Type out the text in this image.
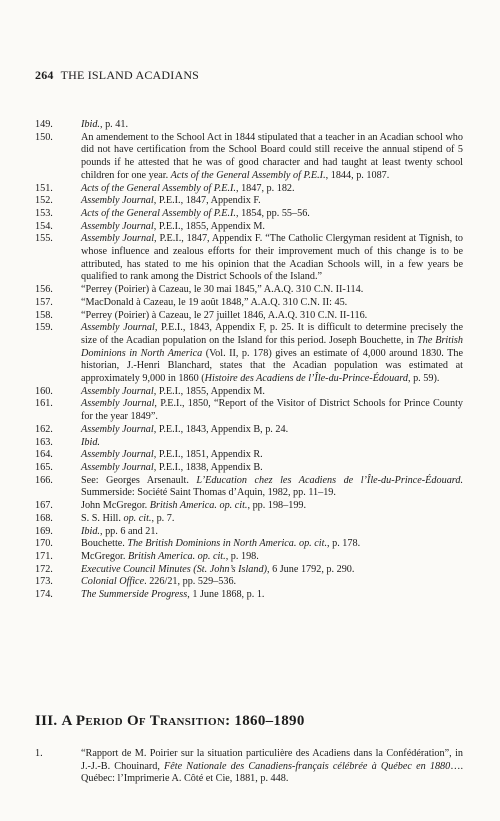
264 THE ISLAND ACADIANS
149.	Ibid., p. 41.
150.	An amendement to the School Act in 1844 stipulated that a teacher in an Acadian school who did not have certification from the School Board could still receive the annual stipend of 5 pounds if he attested that he was of good character and had taught at least twenty school children for one year. Acts of the General Assembly of P.E.I., 1844, p. 1087.
151.	Acts of the General Assembly of P.E.I., 1847, p. 182.
152.	Assembly Journal, P.E.I., 1847, Appendix F.
153.	Acts of the General Assembly of P.E.I., 1854, pp. 55–56.
154.	Assembly Journal, P.E.I., 1855, Appendix M.
155.	Assembly Journal, P.E.I., 1847, Appendix F. “The Catholic Clergyman resident at Tignish, to whose influence and zealous efforts for their improvement much of this change is to be attributed, has stated to me his opinion that the Acadian Schools will, in a few years be qualified to rank among the District Schools of the Island.”
156.	“Perrey (Poirier) à Cazeau, le 30 mai 1845,” A.A.Q. 310 C.N. II-114.
157.	“MacDonald à Cazeau, le 19 août 1848,” A.A.Q. 310 C.N. II: 45.
158.	“Perrey (Poirier) à Cazeau, le 27 juillet 1846, A.A.Q. 310 C.N. II-116.
159.	Assembly Journal, P.E.I., 1843, Appendix F, p. 25. It is difficult to determine precisely the size of the Acadian population on the Island for this period. Joseph Bouchette, in The British Dominions in North America (Vol. II, p. 178) gives an estimate of 4,000 around 1830. The historian, J.-Henri Blanchard, states that the Acadian population was estimated at approximately 9,000 in 1860 (Histoire des Acadiens de l’Île-du-Prince-Édouard, p. 59).
160.	Assembly Journal, P.E.I., 1855, Appendix M.
161.	Assembly Journal, P.E.I., 1850, “Report of the Visitor of District Schools for Prince County for the year 1849”.
162.	Assembly Journal, P.E.I., 1843, Appendix B, p. 24.
163.	Ibid.
164.	Assembly Journal, P.E.I., 1851, Appendix R.
165.	Assembly Journal, P.E.I., 1838, Appendix B.
166.	See: Georges Arsenault. L’Education chez les Acadiens de l’Île-du-Prince-Édouard. Summerside: Société Saint Thomas d’Aquin, 1982, pp. 11–19.
167.	John McGregor. British America. op. cit., pp. 198–199.
168.	S. S. Hill. op. cit., p. 7.
169.	Ibid., pp. 6 and 21.
170.	Bouchette. The British Dominions in North America. op. cit., p. 178.
171.	McGregor. British America. op. cit., p. 198.
172.	Executive Council Minutes (St. John’s Island), 6 June 1792, p. 290.
173.	Colonial Office. 226/21, pp. 529–536.
174.	The Summerside Progress, 1 June 1868, p. 1.
III. A Period Of Transition: 1860–1890
1.	“Rapport de M. Poirier sur la situation particulière des Acadiens dans la Confédération”, in J.-J.-B. Chouinard, Fête Nationale des Canadiens-français célébrée à Québec en 1880…. Québec: l’Imprimerie A. Côté et Cie, 1881, p. 448.
